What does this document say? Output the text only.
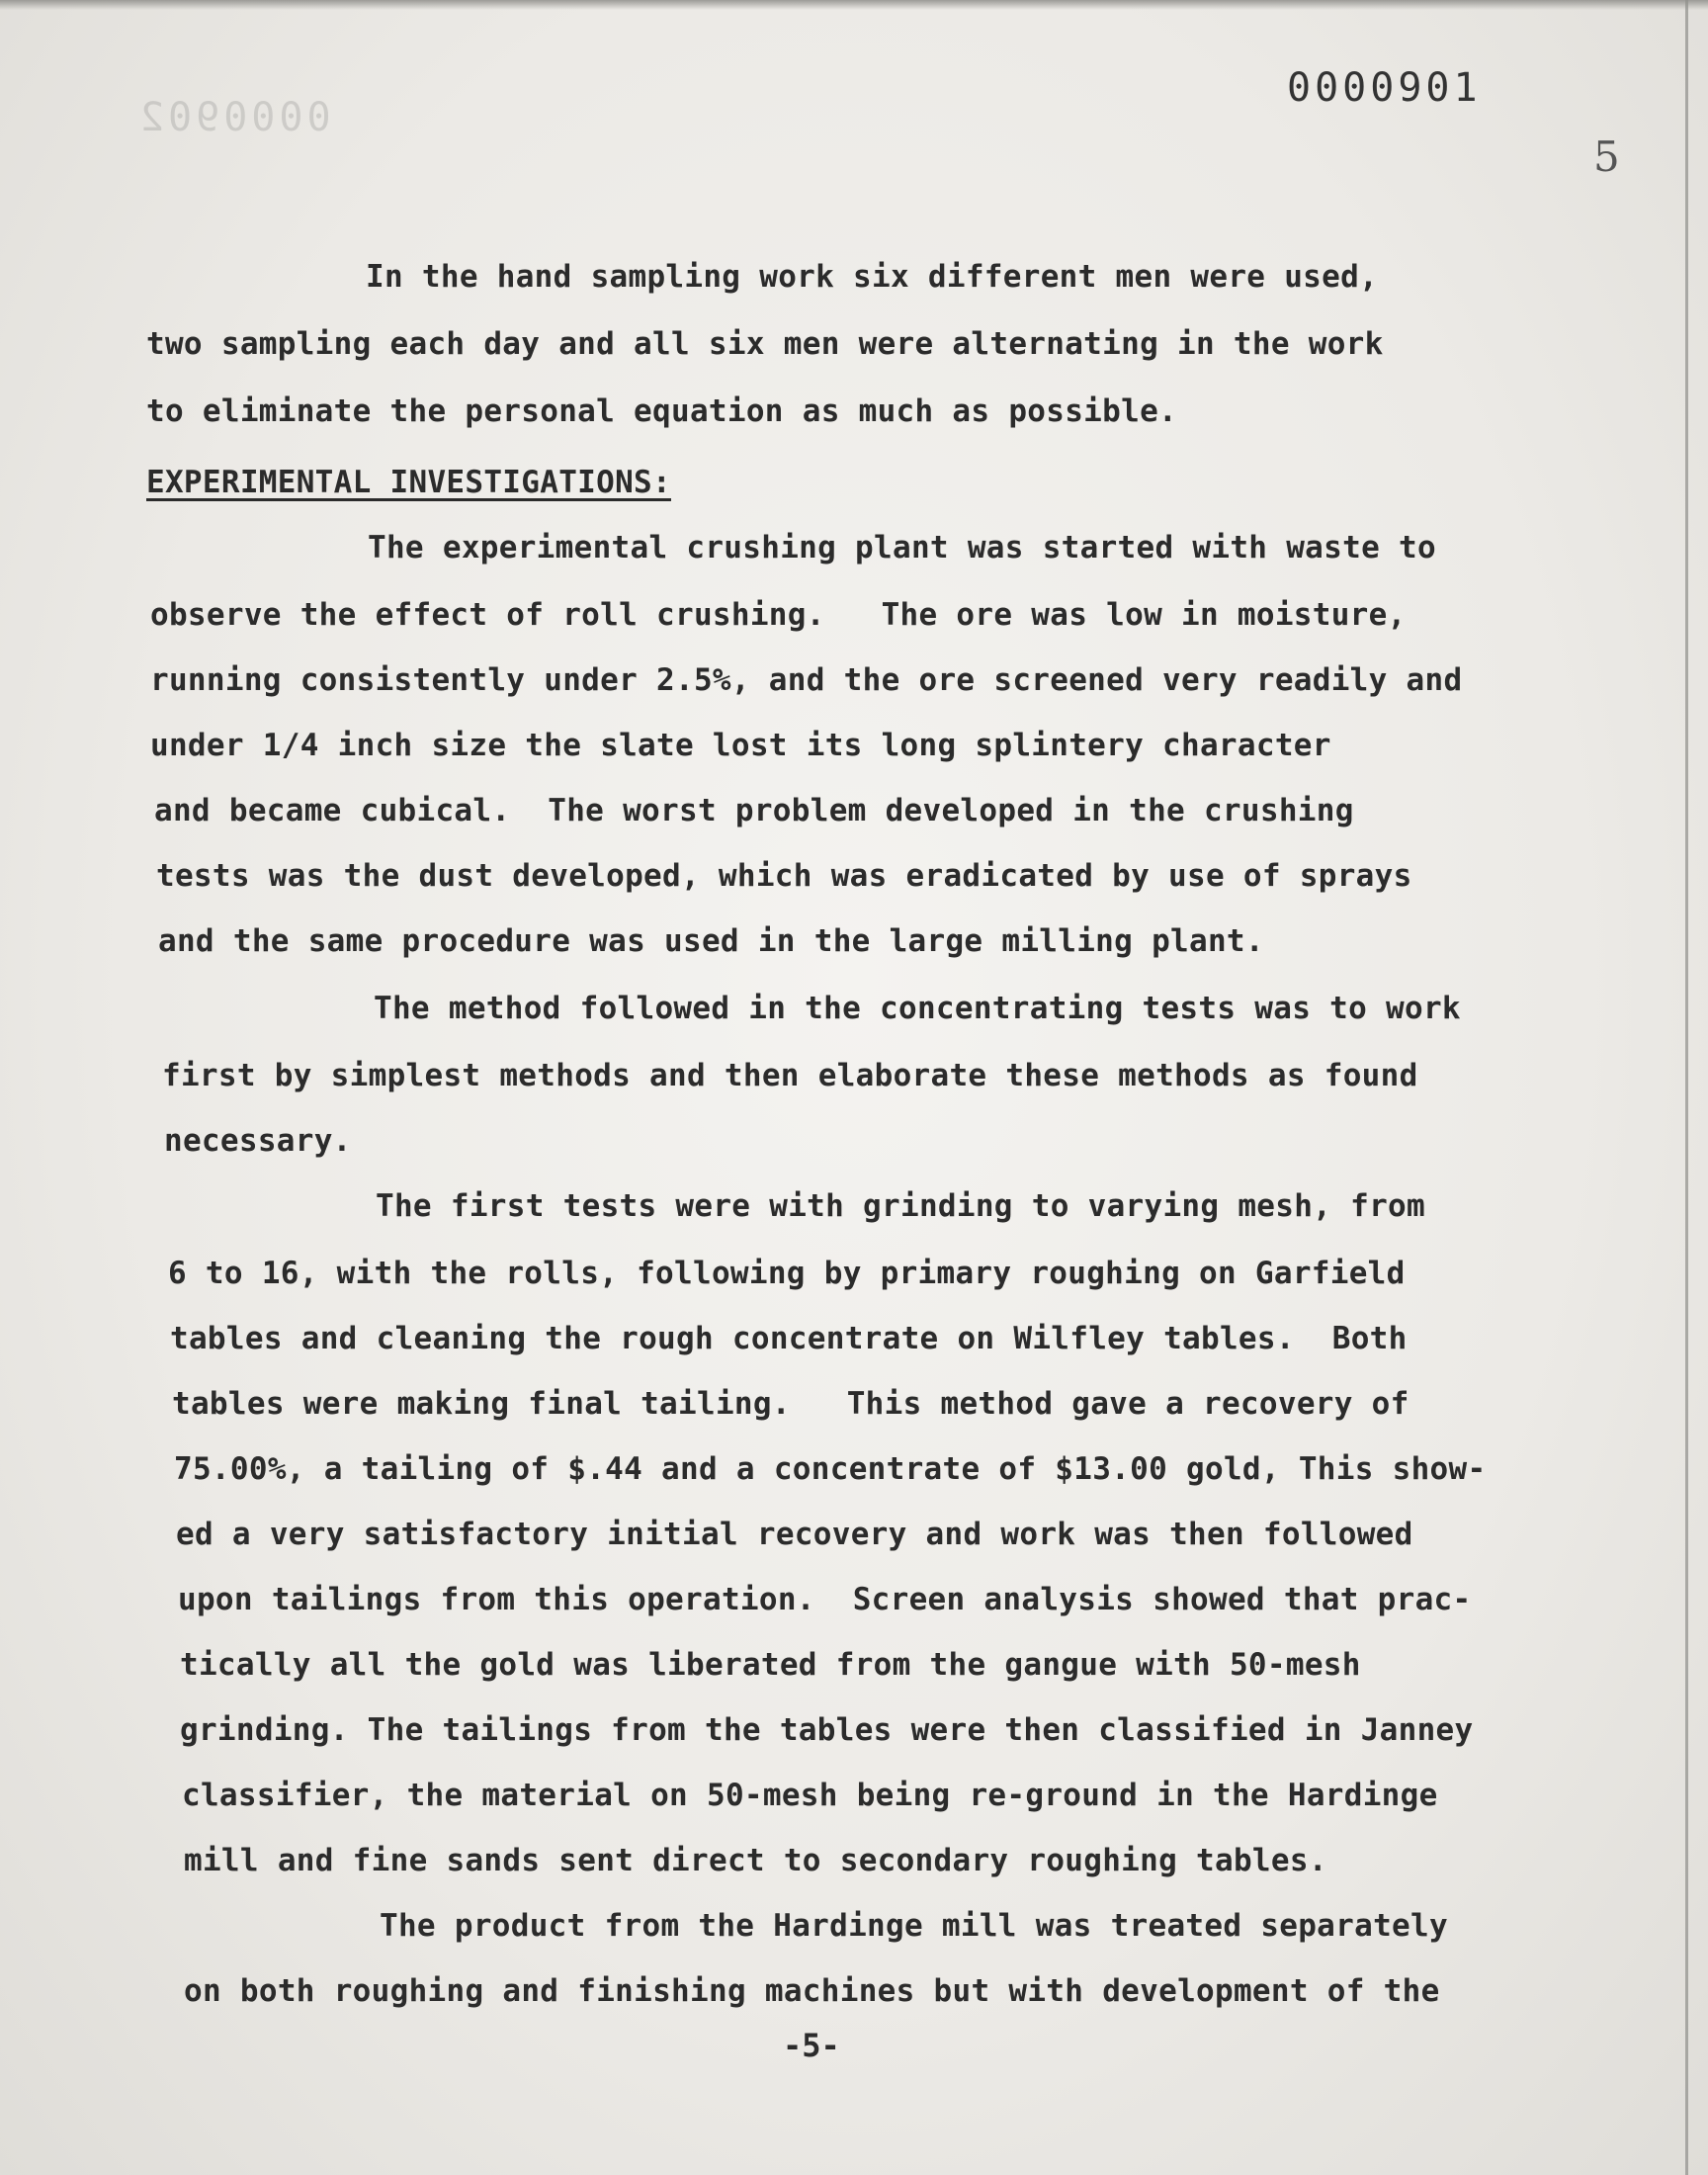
0000902
0000901
5
In the hand sampling work six different men were used,
two sampling each day and all six men were alternating in the work
to eliminate the personal equation as much as possible.
EXPERIMENTAL INVESTIGATIONS:
The experimental crushing plant was started with waste to
observe the effect of roll crushing.   The ore was low in moisture,
running consistently under 2.5%, and the ore screened very readily and
under 1/4 inch size the slate lost its long splintery character
and became cubical.  The worst problem developed in the crushing
tests was the dust developed, which was eradicated by use of sprays
and the same procedure was used in the large milling plant.
The method followed in the concentrating tests was to work
first by simplest methods and then elaborate these methods as found
necessary.
The first tests were with grinding to varying mesh, from
6 to 16, with the rolls, following by primary roughing on Garfield
tables and cleaning the rough concentrate on Wilfley tables.  Both
tables were making final tailing.   This method gave a recovery of
75.00%, a tailing of $.44 and a concentrate of $13.00 gold, This show-
ed a very satisfactory initial recovery and work was then followed
upon tailings from this operation.  Screen analysis showed that prac-
tically all the gold was liberated from the gangue with 50-mesh
grinding. The tailings from the tables were then classified in Janney
classifier, the material on 50-mesh being re-ground in the Hardinge
mill and fine sands sent direct to secondary roughing tables.
The product from the Hardinge mill was treated separately
on both roughing and finishing machines but with development of the
-5-
